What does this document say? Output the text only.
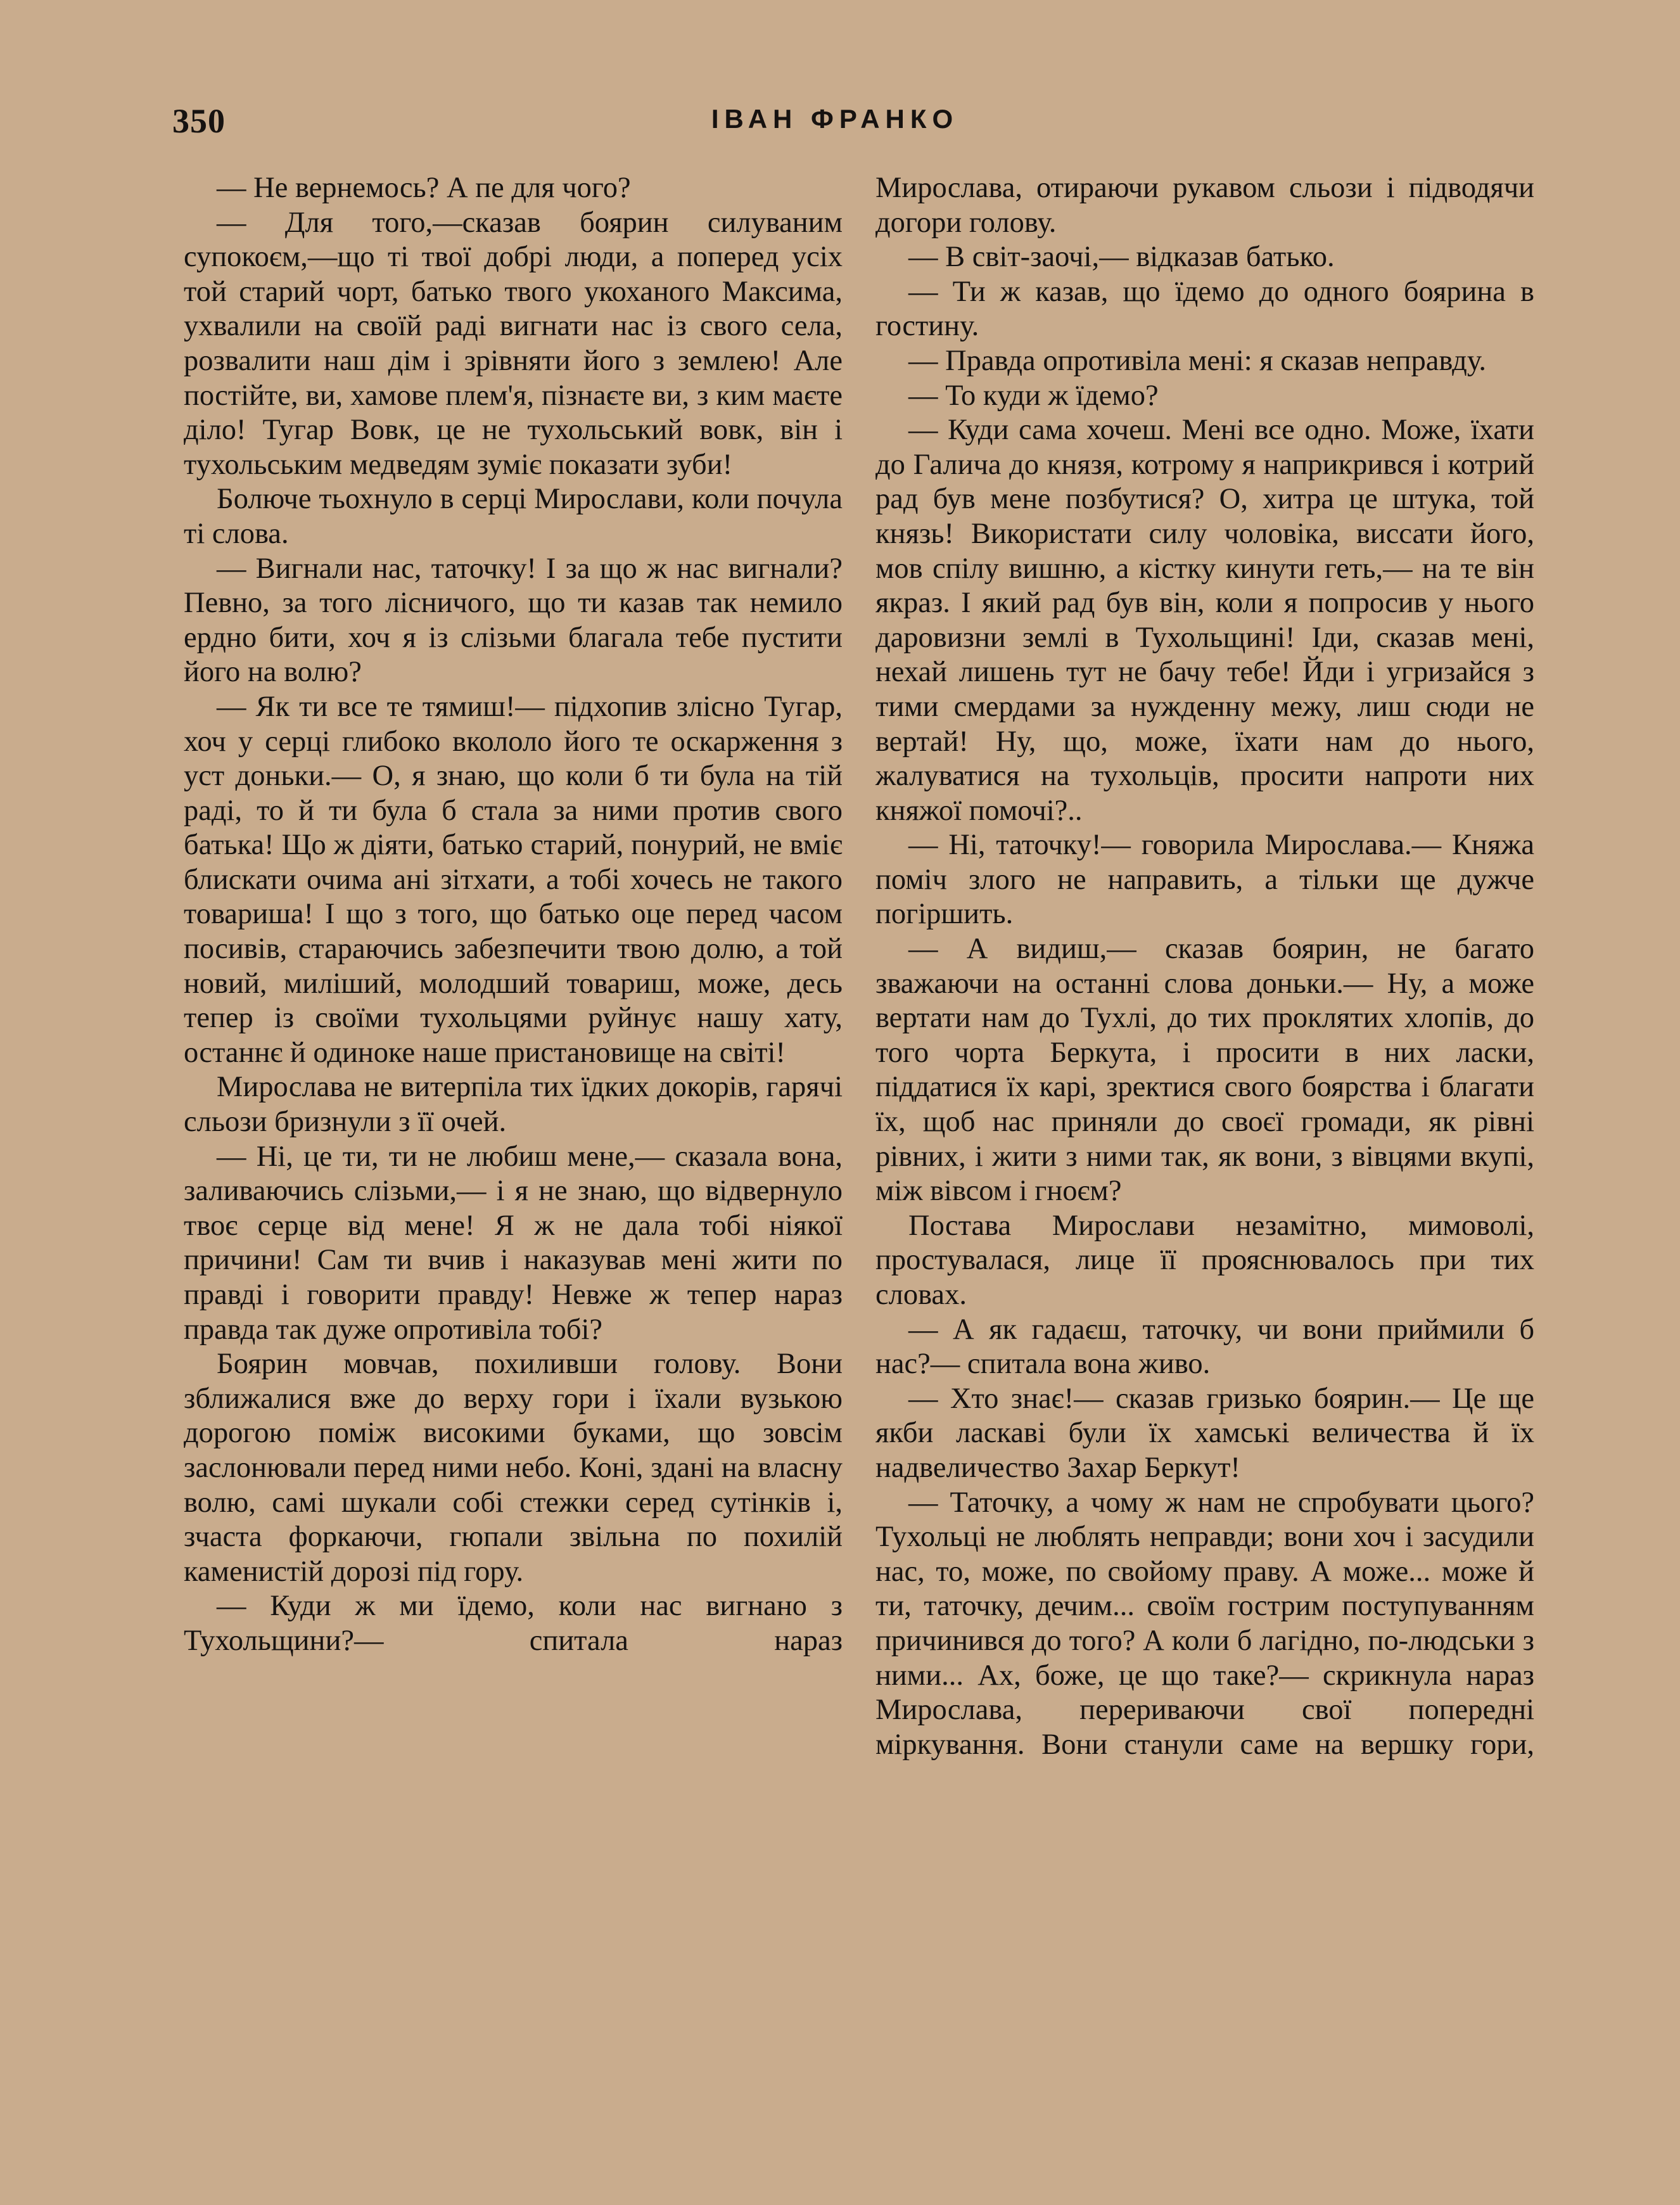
350	ІВАН ФРАНКО

— Не вернемось? А пе для чого?

— Для того,—сказав боярин силуваним супокоєм,—що ті твої добрі люди, а поперед усіх той старий чорт, батько твого укоханого Максима, ухвалили на своїй раді вигнати нас із свого села, розвалити наш дім і зрівняти його з землею! Але постійте, ви, хамове плем'я, пізнаєте ви, з ким маєте діло! Тугар Вовк, це не тухольський вовк, він і тухольським медведям зуміє показати зуби!

Болюче тьохнуло в серці Мирослави, коли почула ті слова.

— Вигнали нас, таточку! І за що ж нас вигнали? Певно, за того лісничого, що ти казав так немило ердно бити, хоч я із слізьми благала тебе пустити його на волю?

— Як ти все те тямиш!— підхопив злісно Тугар, хоч у серці глибоко вкололо його те оскарження з уст доньки.— О, я знаю, що коли б ти була на тій раді, то й ти була б стала за ними против свого батька! Що ж діяти, батько старий, понурий, не вміє блискати очима ані зітхати, а тобі хочесь не такого товариша! І що з того, що батько оце перед часом посивів, стараючись забезпечити твою долю, а той новий, миліший, молодший товариш, може, десь тепер із своїми тухольцями руйнує нашу хату, останнє й одиноке наше пристановище на світі!

Мирослава не витерпіла тих їдких докорів, гарячі сльози бризнули з її очей.

— Ні, це ти, ти не любиш мене,— сказала вона, заливаючись слізьми,— і я не знаю, що відвернуло твоє серце від мене! Я ж не дала тобі ніякої причини! Сам ти вчив і наказував мені жити по правді і говорити правду! Невже ж тепер нараз правда так дуже опротивіла тобі?

Боярин мовчав, похиливши голову. Вони зближалися вже до верху гори і їхали вузькою дорогою поміж високими буками, що зовсім заслонювали перед ними небо. Коні, здані на власну волю, самі шукали собі стежки серед сутінків і, зчаста форкаючи, гюпали звільна по похилій каменистій дорозі під гору.

— Куди ж ми їдемо, коли нас вигнано з Тухольщини?— спитала нараз

Мирослава, отираючи рукавом сльози і підводячи догори голову.

— В світ-заочі,— відказав батько.

— Ти ж казав, що їдемо до одного боярина в гостину.

— Правда опротивіла мені: я сказав неправду.

— То куди ж їдемо?

— Куди сама хочеш. Мені все одно. Може, їхати до Галича до князя, котрому я наприкрився і котрий рад був мене позбутися? О, хитра це штука, той князь! Використати силу чоловіка, виссати його, мов спілу вишню, а кістку кинути геть,— на те він якраз. І який рад був він, коли я попросив у нього даровизни землі в Тухольщині! Іди, сказав мені, нехай лишень тут не бачу тебе! Йди і угризайся з тими смердами за нужденну межу, лиш сюди не вертай! Ну, що, може, їхати нам до нього, жалуватися на тухольців, просити напроти них княжої помочі?..

— Ні, таточку!— говорила Мирослава.— Княжа поміч злого не направить, а тільки ще дужче погіршить.

— А видиш,— сказав боярин, не багато зважаючи на останні слова доньки.— Ну, а може вертати нам до Тухлі, до тих проклятих хлопів, до того чорта Беркута, і просити в них ласки, піддатися їх карі, зректися свого боярства і благати їх, щоб нас приняли до своєї громади, як рівні рівних, і жити з ними так, як вони, з вівцями вкупі, між вівсом і гноєм?

Постава Мирослави незамітно, мимоволі, простувалася, лице її прояснювалось при тих словах.

— А як гадаєш, таточку, чи вони приймили б нас?— спитала вона живо.

— Хто знає!— сказав гризько боярин.— Це ще якби ласкаві були їх хамські величества й їх надвеличество Захар Беркут!

— Таточку, а чому ж нам не спробувати цього? Тухольці не люблять неправди; вони хоч і засудили нас, то, може, по свойому праву. А може... може й ти, таточку, дечим... своїм гострим поступуванням причинився до того? А коли б лагідно, по-людськи з ними... Ах, боже, це що таке?— скрикнула нараз Мирослава, перериваючи свої попередні міркування. Вони станули саме на вершку гори,
